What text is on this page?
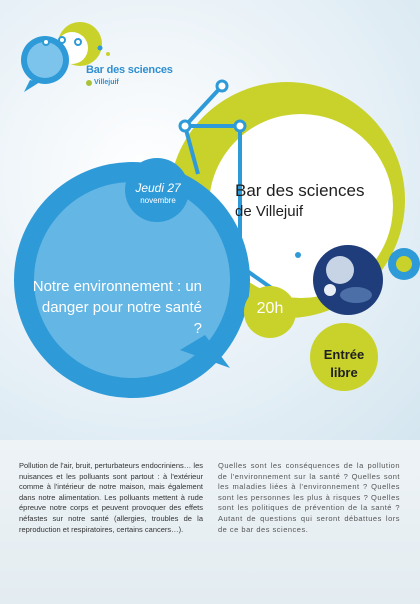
Bar des sciences
Villejuif
Bar des sciences
de Villejuif
Jeudi 27
novembre
Notre environnement : un danger pour notre santé ?
20h
Entrée libre
Pollution de l'air, bruit, perturbateurs endocriniens… les nuisances et les polluants sont partout : à l'extérieur comme à l'intérieur de notre maison, mais également dans notre alimentation. Les polluants mettent à rude épreuve notre corps et peuvent provoquer des effets néfastes sur notre santé (allergies, troubles de la reproduction et respiratoires, certains cancers…).
Quelles sont les conséquences de la pollution de l'environnement sur la santé ? Quelles sont les maladies liées à l'environnement ? Quelles sont les personnes les plus à risques ? Quelles sont les politiques de prévention de la santé ? Autant de questions qui seront débattues lors de ce bar des sciences.
